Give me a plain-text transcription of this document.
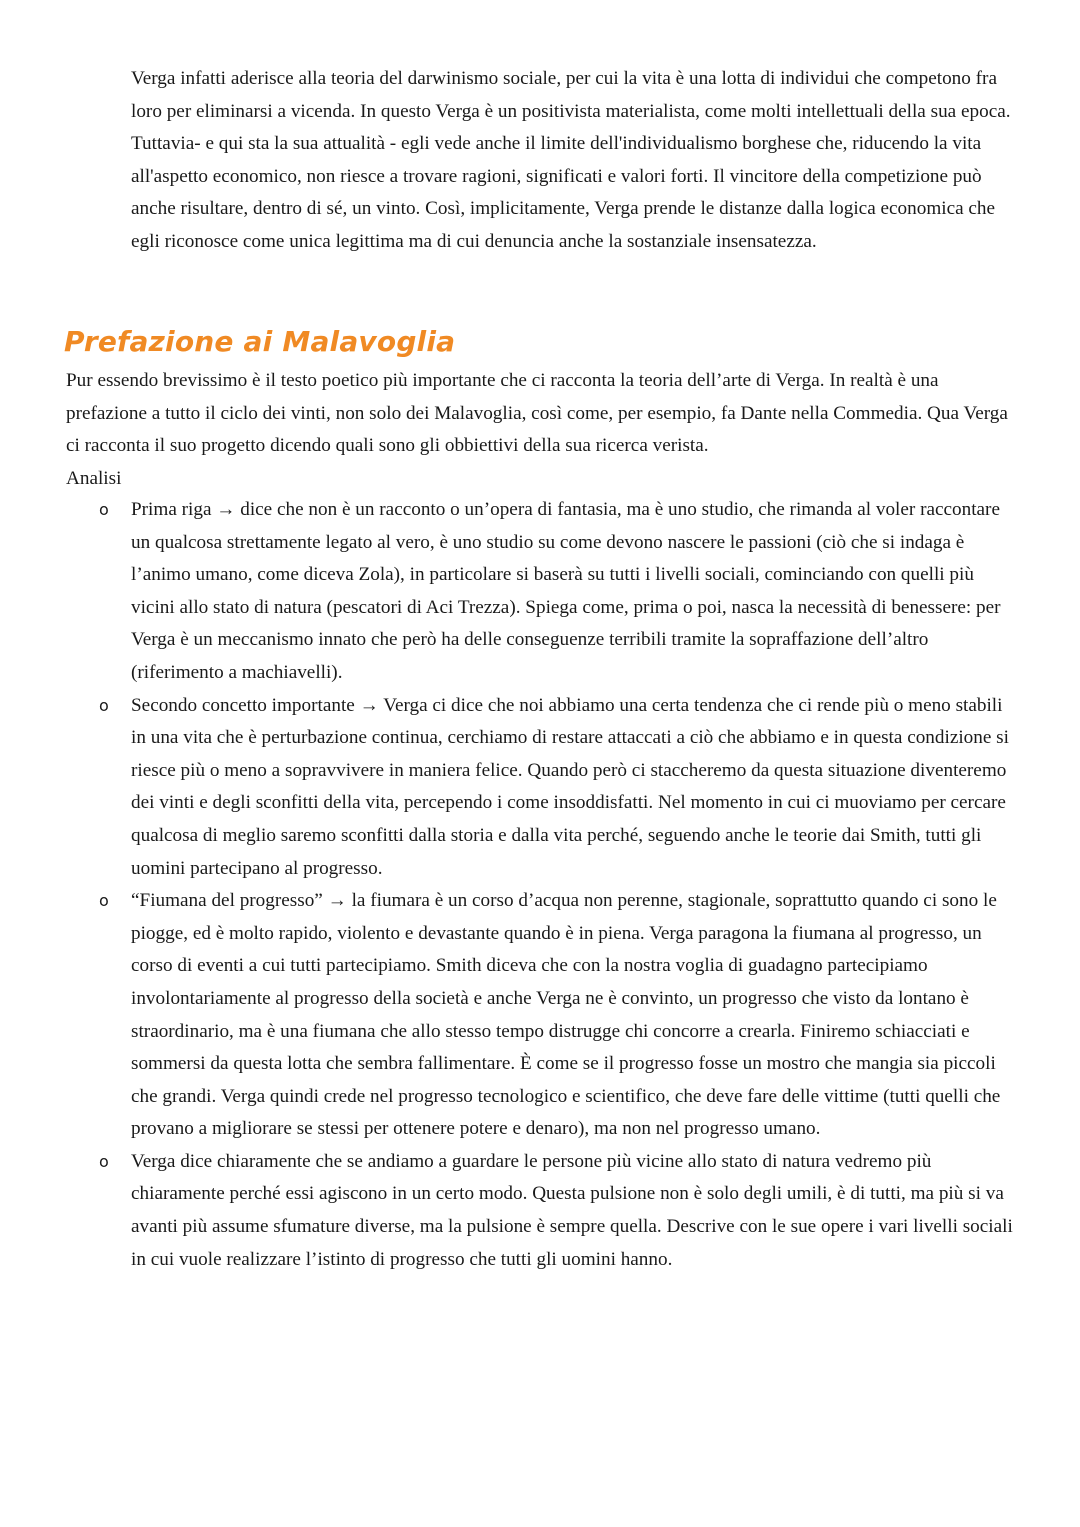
Verga infatti aderisce alla teoria del darwinismo sociale, per cui la vita è una lotta di individui che competono fra loro per eliminarsi a vicenda. In questo Verga è un positivista materialista, come molti intellettuali della sua epoca. Tuttavia- e qui sta la sua attualità - egli vede anche il limite dell'individualismo borghese che, riducendo la vita all'aspetto economico, non riesce a trovare ragioni, significati e valori forti. Il vincitore della competizione può anche risultare, dentro di sé, un vinto. Così, implicitamente, Verga prende le distanze dalla logica economica che egli riconosce come unica legittima ma di cui denuncia anche la sostanziale insensatezza.

Prefazione ai Malavoglia

Pur essendo brevissimo è il testo poetico più importante che ci racconta la teoria dell’arte di Verga. In realtà è una prefazione a tutto il ciclo dei vinti, non solo dei Malavoglia, così come, per esempio, fa Dante nella Commedia. Qua Verga ci racconta il suo progetto dicendo quali sono gli obbiettivi della sua ricerca verista.

Analisi

o Prima riga → dice che non è un racconto o un’opera di fantasia, ma è uno studio, che rimanda al voler raccontare un qualcosa strettamente legato al vero, è uno studio su come devono nascere le passioni (ciò che si indaga è l’animo umano, come diceva Zola), in particolare si baserà su tutti i livelli sociali, cominciando con quelli più vicini allo stato di natura (pescatori di Aci Trezza). Spiega come, prima o poi, nasca la necessità di benessere: per Verga è un meccanismo innato che però ha delle conseguenze terribili tramite la sopraffazione dell’altro (riferimento a machiavelli).
o Secondo concetto importante → Verga ci dice che noi abbiamo una certa tendenza che ci rende più o meno stabili in una vita che è perturbazione continua, cerchiamo di restare attaccati a ciò che abbiamo e in questa condizione si riesce più o meno a sopravvivere in maniera felice. Quando però ci staccheremo da questa situazione diventeremo dei vinti e degli sconfitti della vita, percependo i come insoddisfatti. Nel momento in cui ci muoviamo per cercare qualcosa di meglio saremo sconfitti dalla storia e dalla vita perché, seguendo anche le teorie dai Smith, tutti gli uomini partecipano al progresso.
o “Fiumana del progresso” → la fiumara è un corso d’acqua non perenne, stagionale, soprattutto quando ci sono le piogge, ed è molto rapido, violento e devastante quando è in piena. Verga paragona la fiumana al progresso, un corso di eventi a cui tutti partecipiamo. Smith diceva che con la nostra voglia di guadagno partecipiamo involontariamente al progresso della società e anche Verga ne è convinto, un progresso che visto da lontano è straordinario, ma è una fiumana che allo stesso tempo distrugge chi concorre a crearla. Finiremo schiacciati e sommersi da questa lotta che sembra fallimentare. È come se il progresso fosse un mostro che mangia sia piccoli che grandi. Verga quindi crede nel progresso tecnologico e scientifico, che deve fare delle vittime (tutti quelli che provano a migliorare se stessi per ottenere potere e denaro), ma non nel progresso umano.
o Verga dice chiaramente che se andiamo a guardare le persone più vicine allo stato di natura vedremo più chiaramente perché essi agiscono in un certo modo. Questa pulsione non è solo degli umili, è di tutti, ma più si va avanti più assume sfumature diverse, ma la pulsione è sempre quella. Descrive con le sue opere i vari livelli sociali in cui vuole realizzare l’istinto di progresso che tutti gli uomini hanno.
